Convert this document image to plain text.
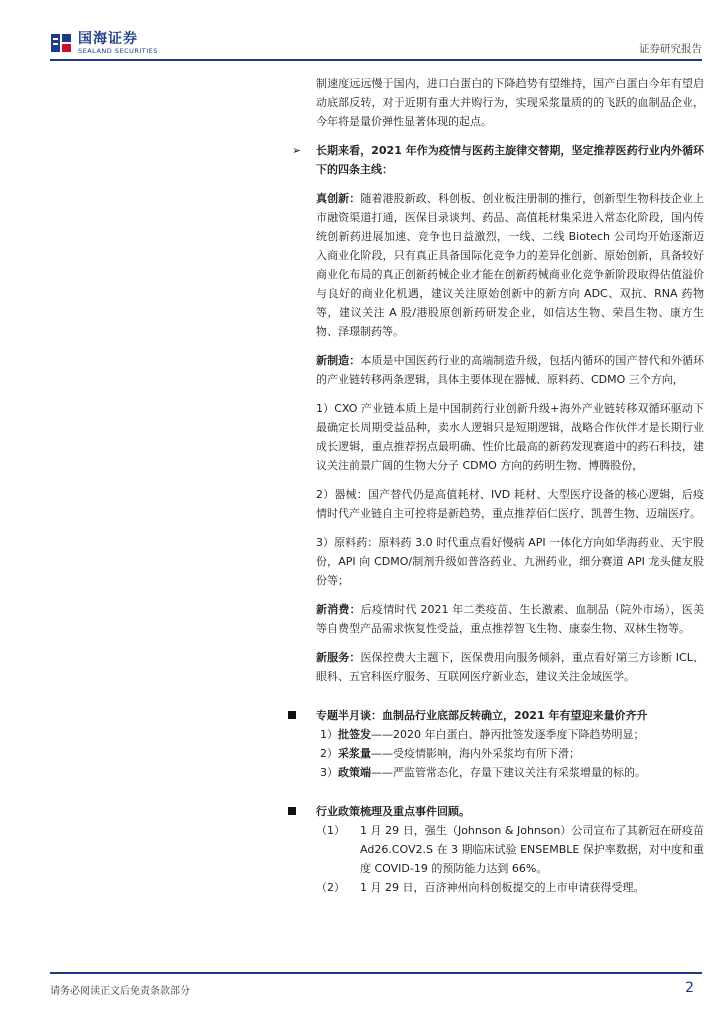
国海证券
SEALAND SECURITIES	证券研究报告

制速度远远慢于国内，进口白蛋白的下降趋势有望维持，国产白蛋白今年有望启动底部反转，对于近期有重大并购行为，实现采浆量质的的飞跃的血制品企业，今年将是量价弹性显著体现的起点。

➢ 长期来看，2021 年作为疫情与医药主旋律交替期，坚定推荐医药行业内外循环下的四条主线：

真创新：随着港股新政、科创板、创业板注册制的推行，创新型生物科技企业上市融资渠道打通，医保目录谈判、药品、高值耗材集采进入常态化阶段，国内传统创新药进展加速、竞争也日益激烈，一线、二线 Biotech 公司均开始逐渐迈入商业化阶段，只有真正具备国际化竞争力的差异化创新、原始创新，具备较好商业化布局的真正创新药械企业才能在创新药械商业化竞争新阶段取得估值溢价与良好的商业化机遇，建议关注原始创新中的新方向 ADC、双抗、RNA 药物等，建议关注 A 股/港股原创新药研发企业，如信达生物、荣昌生物、康方生物、泽璟制药等。

新制造：本质是中国医药行业的高端制造升级，包括内循环的国产替代和外循环的产业链转移两条逻辑，具体主要体现在器械、原料药、CDMO 三个方向，

1）CXO 产业链本质上是中国制药行业创新升级+海外产业链转移双循环驱动下最确定长周期受益品种，卖水人逻辑只是短期逻辑，战略合作伙伴才是长期行业成长逻辑，重点推荐拐点最明确、性价比最高的新药发现赛道中的药石科技，建议关注前景广阔的生物大分子 CDMO 方向的药明生物、博腾股份，

2）器械：国产替代仍是高值耗材、IVD 耗材、大型医疗设备的核心逻辑，后疫情时代产业链自主可控将是新趋势，重点推荐佰仁医疗、凯普生物、迈瑞医疗。

3）原料药：原料药 3.0 时代重点看好慢病 API 一体化方向如华海药业、天宇股份，API 向 CDMO/制剂升级如普洛药业、九洲药业，细分赛道 API 龙头健友股份等；

新消费：后疫情时代 2021 年二类疫苗、生长激素、血制品（院外市场），医美等自费型产品需求恢复性受益，重点推荐智飞生物、康泰生物、双林生物等。

新服务：医保控费大主题下，医保费用向服务倾斜，重点看好第三方诊断 ICL、眼科、五官科医疗服务、互联网医疗新业态，建议关注金域医学。

专题半月谈：血制品行业底部反转确立，2021 年有望迎来量价齐升

1）批签发——2020 年白蛋白、静丙批签发逐季度下降趋势明显；

2）采浆量——受疫情影响，海内外采浆均有所下滑；

3）政策端——严监管常态化，存量下建议关注有采浆增量的标的。

行业政策梳理及重点事件回顾。

（1） 1 月 29 日，强生（Johnson & Johnson）公司宣布了其新冠在研疫苗 Ad26.COV2.S 在 3 期临床试验 ENSEMBLE 保护率数据，对中度和重度 COVID-19 的预防能力达到 66%。

（2） 1 月 29 日，百济神州向科创板提交的上市申请获得受理。

请务必阅读正文后免责条款部分	2
